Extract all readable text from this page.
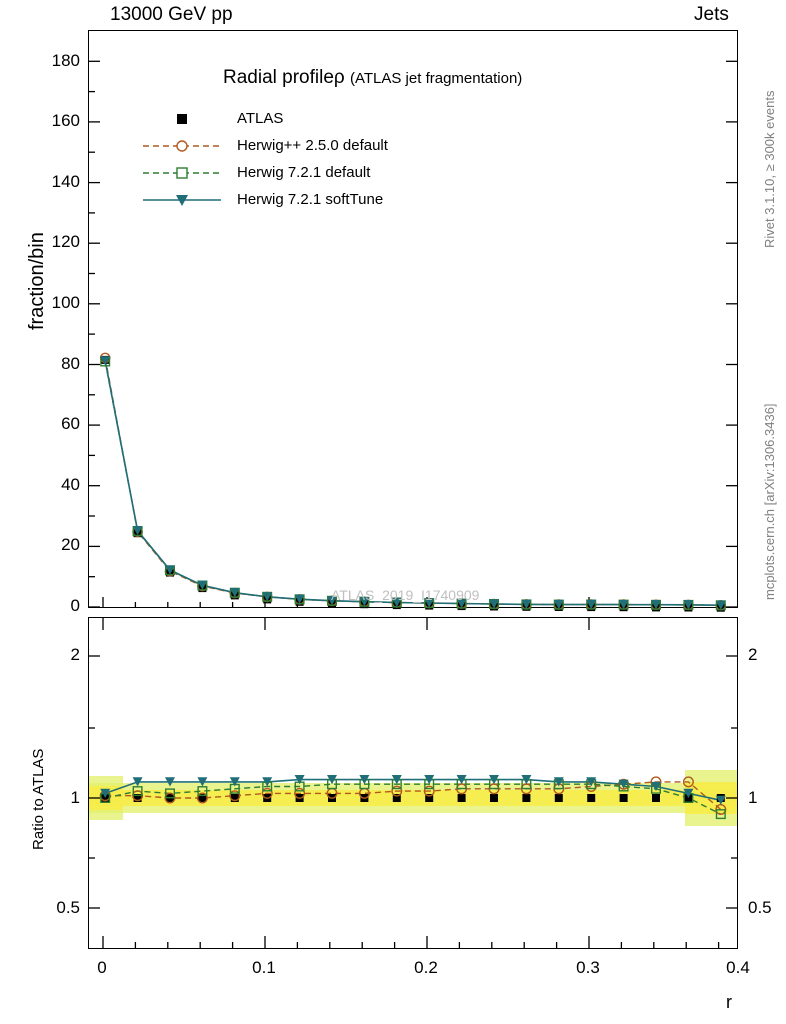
13000 GeV pp	Jets
fraction/bin
Ratio to ATLAS
r
Rivet 3.1.10, ≥ 300k events
mcplots.cern.ch [arXiv:1306.3436]
Radial profileρ (ATLAS jet fragmentation)
ATLAS_2019_I1740909
ATLAS
Herwig++ 2.5.0 default
Herwig 7.2.1 default
Herwig 7.2.1 softTune
0
20
40
60
80
100
120
140
160
180
0.5
1
2
0.5
1
2
0	0.1	0.2	0.3	0.4
